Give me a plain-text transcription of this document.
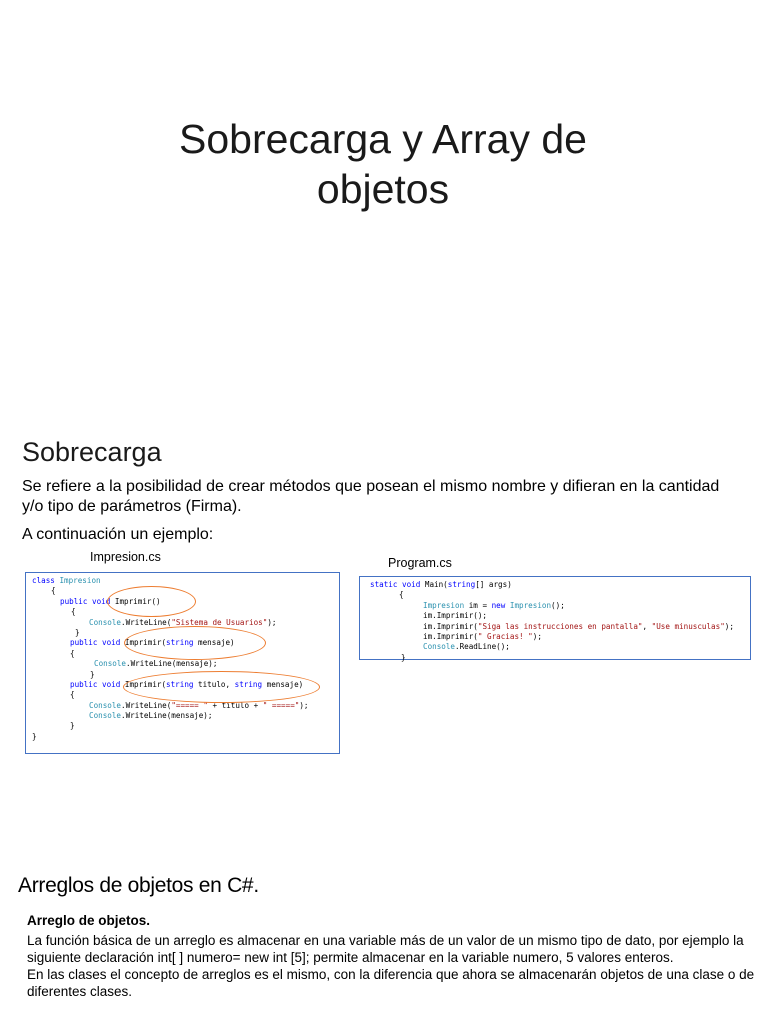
Sobrecarga y Array de
objetos
Sobrecarga
Se refiere a la posibilidad de crear métodos que posean el mismo nombre y difieran en la cantidad y/o tipo de parámetros (Firma).
A continuación un ejemplo:
Impresion.cs	Program.cs
class Impresion
{
public void Imprimir()
{
Console.WriteLine("Sistema de Usuarios");
}
public void Imprimir(string mensaje)
{
Console.WriteLine(mensaje);
}
public void Imprimir(string titulo, string mensaje)
{
Console.WriteLine("===== " + titulo + " =====");
Console.WriteLine(mensaje);
}
}
static void Main(string[] args)
{
Impresion im = new Impresion();
im.Imprimir();
im.Imprimir("Siga las instrucciones en pantalla", "Use minusculas");
im.Imprimir(" Gracias! ");
Console.ReadLine();
}
Arreglos de objetos en C#.
Arreglo de objetos.

La función básica de un arreglo es almacenar en una variable más de un valor de un mismo tipo de dato, por ejemplo la siguiente declaración int[ ] numero= new int [5]; permite almacenar en la variable numero, 5 valores enteros.

En las clases el concepto de arreglos es el mismo, con la diferencia que ahora se almacenarán objetos de una clase o de diferentes clases.
